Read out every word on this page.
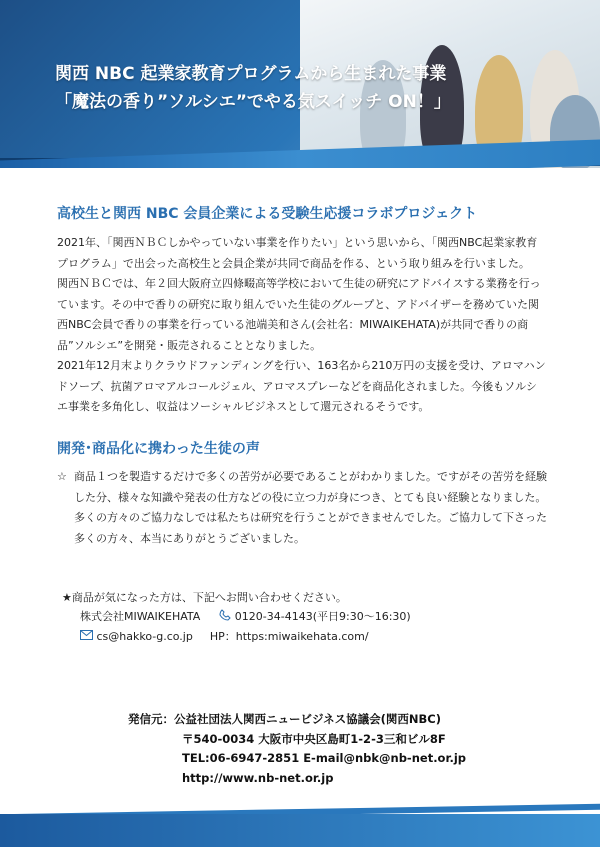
関西 NBC 起業家教育プログラムから生まれた事業
「魔法の香り”ソルシエ”でやる気スイッチ ON！」
高校生と関西 NBC 会員企業による受験生応援コラボプロジェクト

2021年、「関西ＮＢＣしかやっていない事業を作りたい」という思いから、「関西NBC起業家教育プログラム」で出会った高校生と会員企業が共同で商品を作る、という取り組みを行いました。

関西ＮＢＣでは、年２回大阪府立四條畷高等学校において生徒の研究にアドバイスする業務を行っています。その中で香りの研究に取り組んでいた生徒のグループと、アドバイザーを務めていた関西NBC会員で香りの事業を行っている池端美和さん(会社名：MIWAIKEHATA)が共同で香りの商品”ソルシエ”を開発・販売されることとなりました。

2021年12月末よりクラウドファンディングを行い、163名から210万円の支援を受け、アロマハンドソープ、抗菌アロマアルコールジェル、アロマスプレーなどを商品化されました。今後もソルシエ事業を多角化し、収益はソーシャルビジネスとして還元されるそうです。

開発･商品化に携わった生徒の声
☆ 商品１つを製造するだけで多くの苦労が必要であることがわかりました。ですがその苦労を経験した分、様々な知識や発表の仕方などの役に立つ力が身につき、とても良い経験となりました。多くの方々のご協力なしでは私たちは研究を行うことができませんでした。ご協力して下さった多くの方々、本当にありがとうございました。
★商品が気になった方は、下記へお問い合わせください。
株式会社MIWAIKEHATA	0120-34-4143(平日9:30～16:30)
cs@hakko-g.co.jp HP：https:miwaikehata.com/
発信元：公益社団法人関西ニュービジネス協議会(関西NBC)
〒540-0034 大阪市中央区島町1-2-3三和ビル8F
TEL:06-6947-2851 E-mail@nbk@nb-net.or.jp
http://www.nb-net.or.jp
